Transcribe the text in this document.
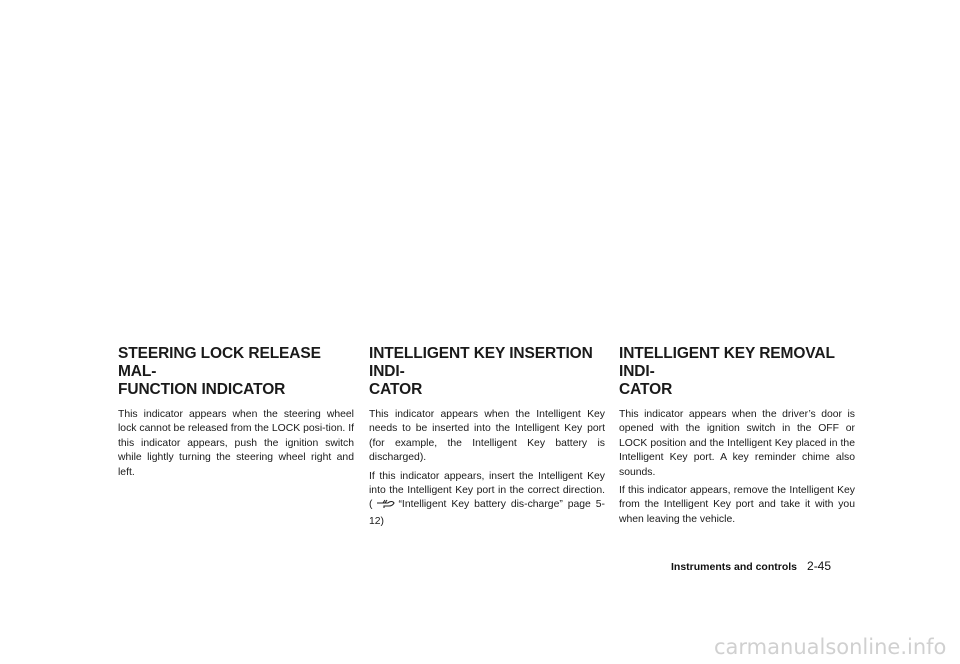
STEERING LOCK RELEASE MAL-
FUNCTION INDICATOR

This indicator appears when the steering wheel lock cannot be released from the LOCK posi-tion. If this indicator appears, push the ignition switch while lightly turning the steering wheel right and left.

INTELLIGENT KEY INSERTION INDI-
CATOR

This indicator appears when the Intelligent Key needs to be inserted into the Intelligent Key port (for example, the Intelligent Key battery is discharged).

If this indicator appears, insert the Intelligent Key into the Intelligent Key port in the correct direction. (	“Intelligent Key battery dis-charge” page 5-12)

INTELLIGENT KEY REMOVAL INDI-
CATOR

This indicator appears when the driver’s door is opened with the ignition switch in the OFF or LOCK position and the Intelligent Key placed in the Intelligent Key port. A key reminder chime also sounds.

If this indicator appears, remove the Intelligent Key from the Intelligent Key port and take it with you when leaving the vehicle.

Instruments and controls 2-45
carmanualsonline.info
